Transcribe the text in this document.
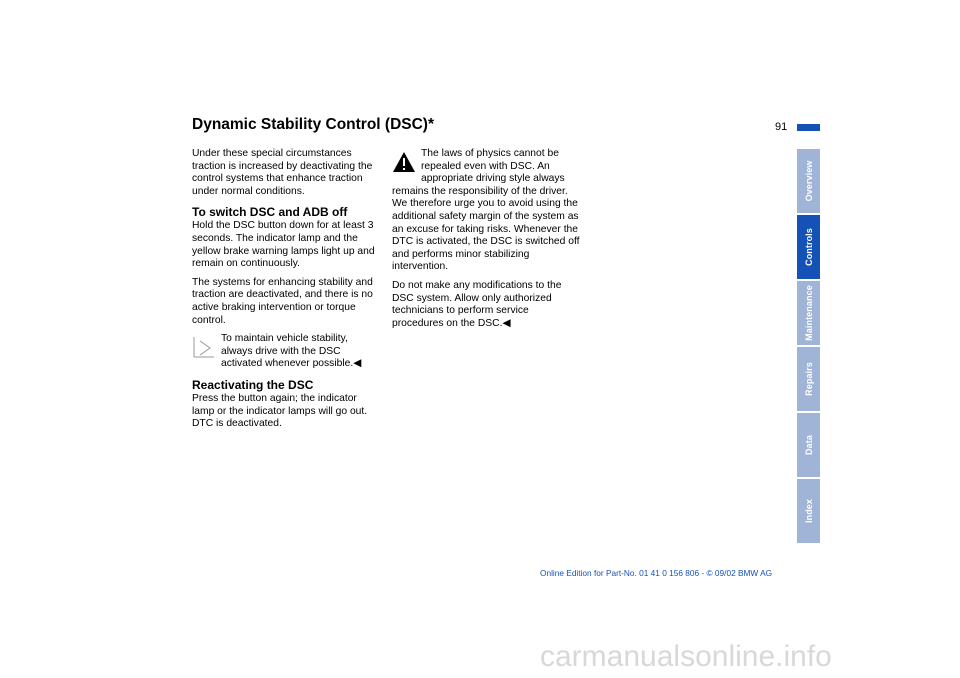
Dynamic Stability Control (DSC)*	91

Under these special circumstances traction is increased by deactivating the control systems that enhance traction under normal conditions.

To switch DSC and ADB off

Hold the DSC button down for at least 3 seconds. The indicator lamp and the yellow brake warning lamps light up and remain on continuously.

The systems for enhancing stability and traction are deactivated, and there is no active braking intervention or torque control.

To maintain vehicle stability, always drive with the DSC activated whenever possible.◀

Reactivating the DSC

Press the button again; the indicator lamp or the indicator lamps will go out. DTC is deactivated.

The laws of physics cannot be repealed even with DSC. An appropriate driving style always remains the responsibility of the driver. We therefore urge you to avoid using the additional safety margin of the system as an excuse for taking risks. Whenever the DTC is activated, the DSC is switched off and performs minor stabilizing intervention.

Do not make any modifications to the DSC system. Allow only authorized technicians to perform service procedures on the DSC.◀

Overview
Controls
Maintenance
Repairs
Data
Index
Online Edition for Part-No. 01 41 0 156 806 - © 09/02 BMW AG
carmanualsonline.info
